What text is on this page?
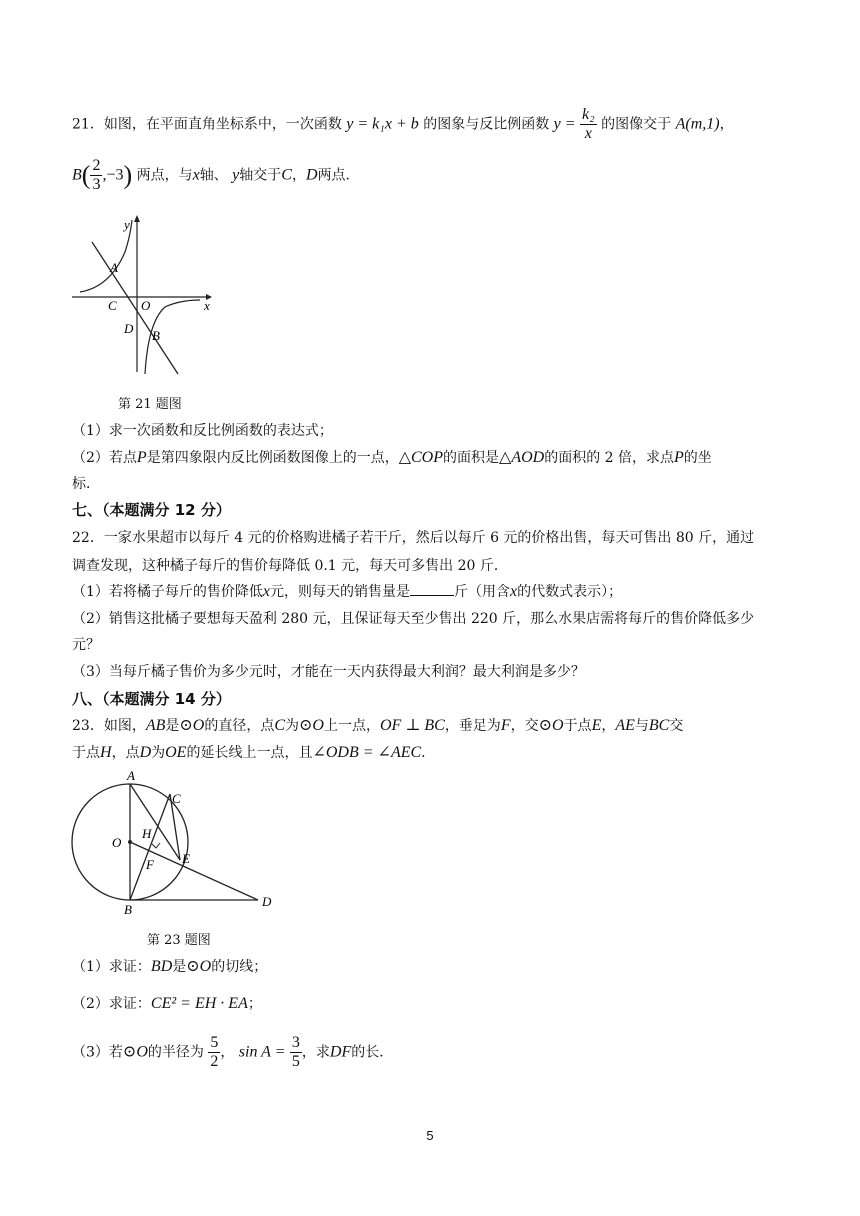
21．如图，在平面直角坐标系中，一次函数 y = k₁x + b 的图象与反比例函数 $y = \frac{\text{k₂}}{x}$ 的图像交于 A(m,1)，
$B( \frac{2}{3} ,-3)$ 两点，与x轴、 y轴交于C，D两点．
y
A
C O	x
D B
第 21 题图
（1）求一次函数和反比例函数的表达式；
（2）若点P是第四象限内反比例函数图像上的一点，△COP的面积是△AOD的面积的 2 倍，求点P的坐
标．
七、（本题满分 12 分）
22．一家水果超市以每斤 4 元的价格购进橘子若干斤，然后以每斤 6 元的价格出售，每天可售出 80 斤，通过
调查发现，这种橘子每斤的售价每降低 0.1 元，每天可多售出 20 斤．
（1）若将橘子每斤的售价降低x元，则每天的销售量是	斤（用含x的代数式表示）；
（2）销售这批橘子要想每天盈利 280 元，且保证每天至少售出 220 斤，那么水果店需将每斤的售价降低多少
元？
（3）当每斤橘子售价为多少元时，才能在一天内获得最大利润？最大利润是多少？
八、（本题满分 14 分）
23．如图，AB是⊙O的直径，点C为⊙O上一点，OF ⊥ BC，垂足为F，交⊙O于点E，AE与BC交
于点H，点D为OE的延长线上一点，且∠ODB = ∠AEC．
A
C
O
H
F E
B
D
第 23 题图
（1）求证：BD是⊙O的切线；
（2）求证：CE² = EH · EA；
（3）若⊙O的半径为 $\frac{5}{2}$ ， $\sin A = \frac{3}{5}$ ，求DF的长．
5
